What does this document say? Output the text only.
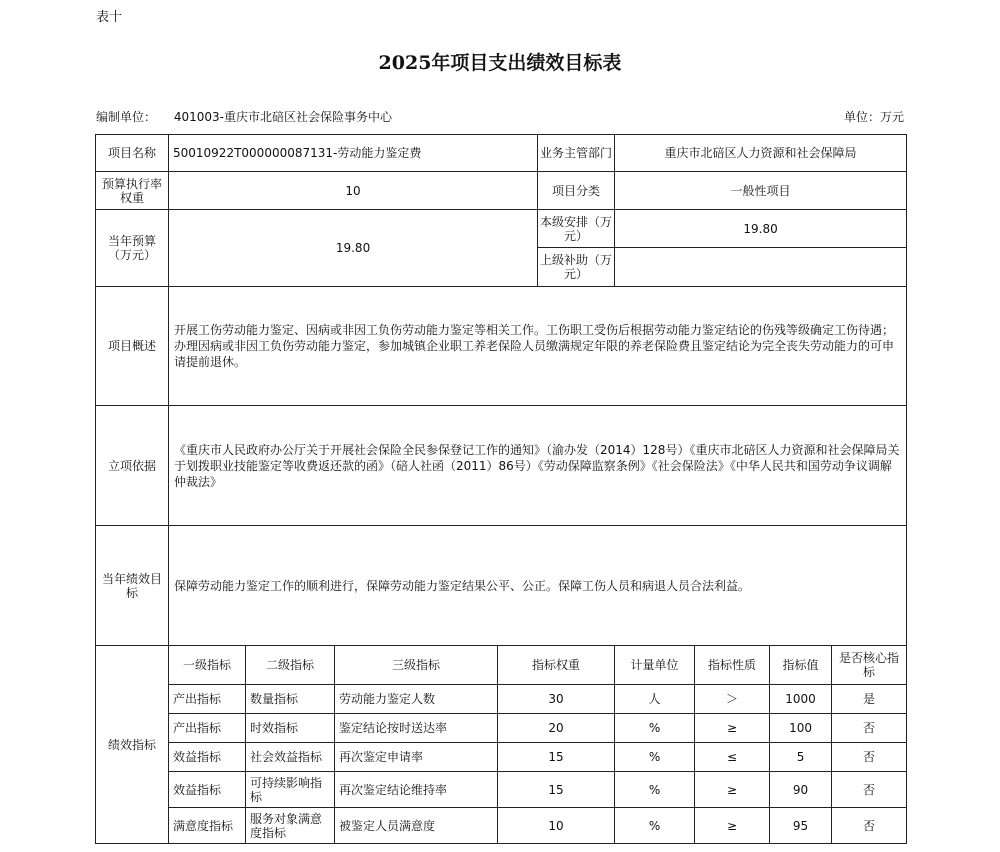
表十
2025年项目支出绩效目标表
编制单位： 401003-重庆市北碚区社会保险事务中心	单位：万元
项目名称	50010922T000000087131-劳动能力鉴定费				业务主管部门	重庆市北碚区人力资源和社会保障局			
预算执行率权重	10				项目分类	一般性项目			
当年预算（万元）	19.80				本级安排（万元）	19.80			
					上级补助（万元）				
项目概述	开展工伤劳动能力鉴定、因病或非因工负伤劳动能力鉴定等相关工作。工伤职工受伤后根据劳动能力鉴定结论的伤残等级确定工伤待遇；办理因病或非因工负伤劳动能力鉴定，参加城镇企业职工养老保险人员缴满规定年限的养老保险费且鉴定结论为完全丧失劳动能力的可申请提前退休。								
立项依据	《重庆市人民政府办公厅关于开展社会保险全民参保登记工作的通知》（渝办发（2014）128号）《重庆市北碚区人力资源和社会保障局关于划拨职业技能鉴定等收费返还款的函》（碚人社函（2011）86号）《劳动保障监察条例》《社会保险法》《中华人民共和国劳动争议调解仲裁法》								
当年绩效目标	保障劳动能力鉴定工作的顺利进行，保障劳动能力鉴定结果公平、公正。保障工伤人员和病退人员合法利益。								
绩效指标	一级指标	二级指标	三级指标	指标权重		计量单位	指标性质	指标值	是否核心指标
	产出指标	数量指标	劳动能力鉴定人数	30		人	＞	1000	是
	产出指标	时效指标	鉴定结论按时送达率	20		%	≥	100	否
	效益指标	社会效益指标	再次鉴定申请率	15		%	≤	5	否
	效益指标	可持续影响指标	再次鉴定结论维持率	15		%	≥	90	否
	满意度指标	服务对象满意度指标	被鉴定人员满意度	10		%	≥	95	否
